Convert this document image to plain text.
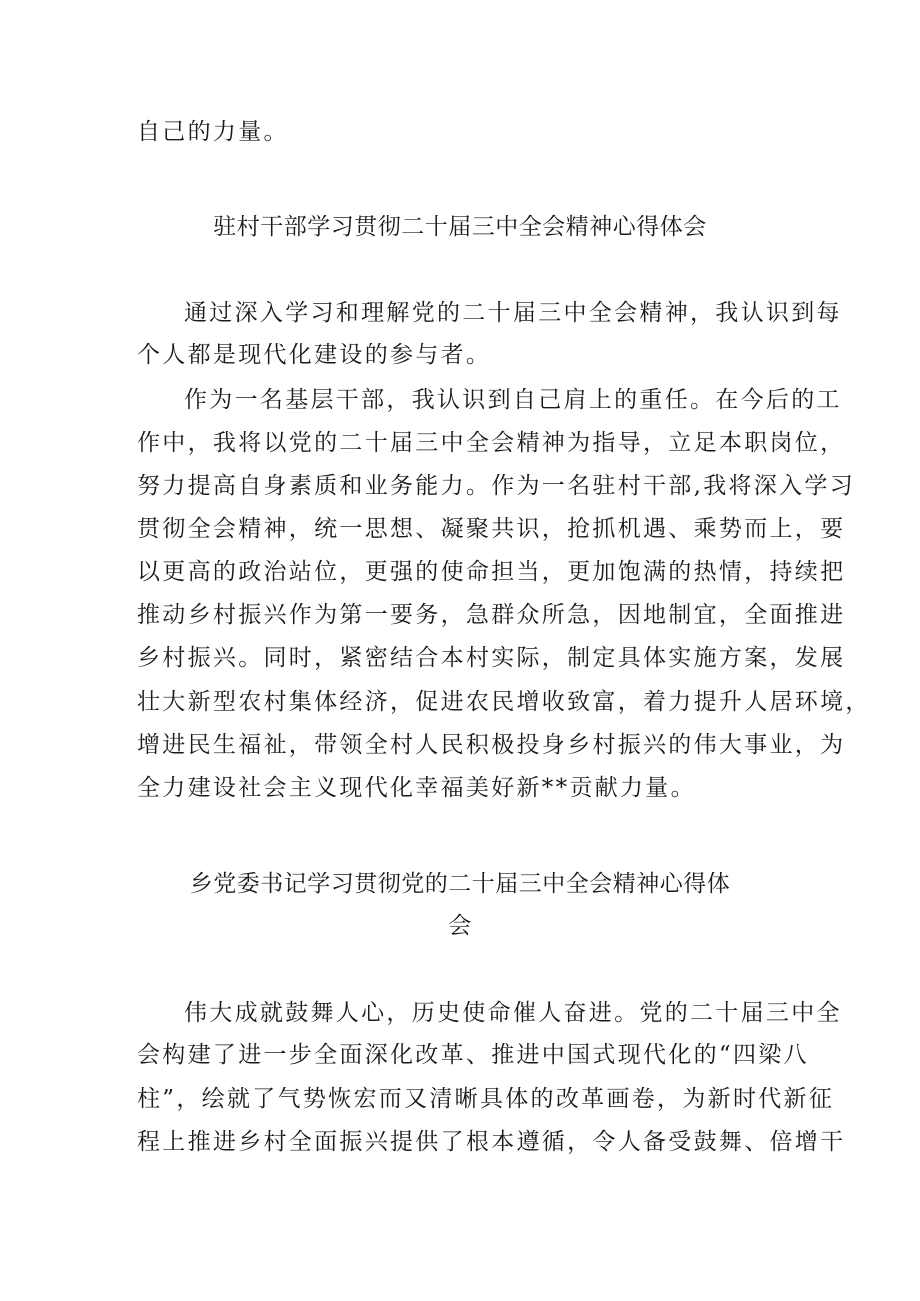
自己的力量。
驻村干部学习贯彻二十届三中全会精神心得体会
通过深入学习和理解党的二十届三中全会精神，我认识到每
个人都是现代化建设的参与者。
作为一名基层干部，我认识到自己肩上的重任。在今后的工
作中，我将以党的二十届三中全会精神为指导，立足本职岗位，
努力提高自身素质和业务能力。作为一名驻村干部,我将深入学习
贯彻全会精神，统一思想、凝聚共识，抢抓机遇、乘势而上，要
以更高的政治站位，更强的使命担当，更加饱满的热情，持续把
推动乡村振兴作为第一要务，急群众所急，因地制宜，全面推进
乡村振兴。同时，紧密结合本村实际，制定具体实施方案，发展
壮大新型农村集体经济，促进农民增收致富，着力提升人居环境，
增进民生福祉，带领全村人民积极投身乡村振兴的伟大事业，为
全力建设社会主义现代化幸福美好新**贡献力量。
乡党委书记学习贯彻党的二十届三中全会精神心得体
会
伟大成就鼓舞人心，历史使命催人奋进。党的二十届三中全
会构建了进一步全面深化改革、推进中国式现代化的“四梁八
柱”，绘就了气势恢宏而又清晰具体的改革画卷，为新时代新征
程上推进乡村全面振兴提供了根本遵循，令人备受鼓舞、倍增干
